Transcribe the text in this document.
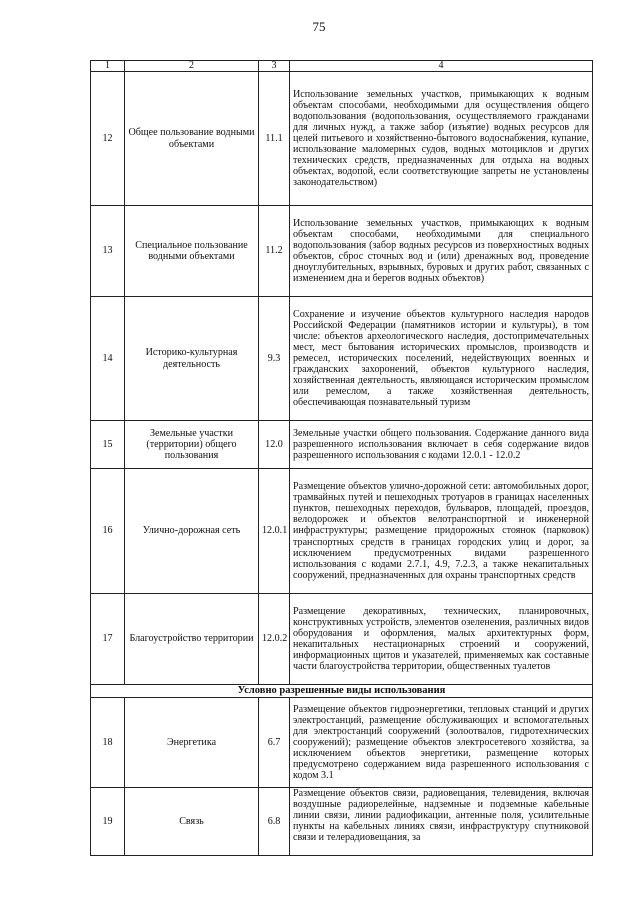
75
1	2	3	4
12	Общее пользование водными объектами	11.1	Использование земельных участков, примыкающих к водным объектам способами, необходимыми для осуществления общего водопользования (водопользования, осуществляемого гражданами для личных нужд, а также забор (изъятие) водных ресурсов для целей питьевого и хозяйственно-бытового водоснабжения, купание, использование маломерных судов, водных мотоциклов и других технических средств, предназначенных для отдыха на водных объектах, водопой, если соответствующие запреты не установлены законодательством)
13	Специальное пользование водными объектами	11.2	Использование земельных участков, примыкающих к водным объектам способами, необходимыми для специального водопользования (забор водных ресурсов из поверхностных водных объектов, сброс сточных вод и (или) дренажных вод, проведение дноуглубительных, взрывных, буровых и других работ, связанных с изменением дна и берегов водных объектов)
14	Историко-культурная деятельность	9.3	Сохранение и изучение объектов культурного наследия народов Российской Федерации (памятников истории и культуры), в том числе: объектов археологического наследия, достопримечательных мест, мест бытования исторических промыслов, производств и ремесел, исторических поселений, недействующих военных и гражданских захоронений, объектов культурного наследия, хозяйственная деятельность, являющаяся историческим промыслом или ремеслом, а также хозяйственная деятельность, обеспечивающая познавательный туризм
15	Земельные участки (территории) общего пользования	12.0	Земельные участки общего пользования. Содержание данного вида разрешенного использования включает в себя содержание видов разрешенного использования с кодами 12.0.1 - 12.0.2
16	Улично-дорожная сеть	12.0.1	Размещение объектов улично-дорожной сети: автомобильных дорог, трамвайных путей и пешеходных тротуаров в границах населенных пунктов, пешеходных переходов, бульваров, площадей, проездов, велодорожек и объектов велотранспортной и инженерной инфраструктуры; размещение придорожных стоянок (парковок) транспортных средств в границах городских улиц и дорог, за исключением предусмотренных видами разрешенного использования с кодами 2.7.1, 4.9, 7.2.3, а также некапитальных сооружений, предназначенных для охраны транспортных средств
17	Благоустройство территории	12.0.2	Размещение декоративных, технических, планировочных, конструктивных устройств, элементов озеленения, различных видов оборудования и оформления, малых архитектурных форм, некапитальных нестационарных строений и сооружений, информационных щитов и указателей, применяемых как составные части благоустройства территории, общественных туалетов
Условно разрешенные виды использования			
18	Энергетика	6.7	Размещение объектов гидроэнергетики, тепловых станций и других электростанций, размещение обслуживающих и вспомогательных для электростанций сооружений (золоотвалов, гидротехнических сооружений); размещение объектов электросетевого хозяйства, за исключением объектов энергетики, размещение которых предусмотрено содержанием вида разрешенного использования с кодом 3.1
19	Связь	6.8	Размещение объектов связи, радиовещания, телевидения, включая воздушные радиорелейные, надземные и подземные кабельные линии связи, линии радиофикации, антенные поля, усилительные пункты на кабельных линиях связи, инфраструктуру спутниковой связи и телерадиовещания, за
